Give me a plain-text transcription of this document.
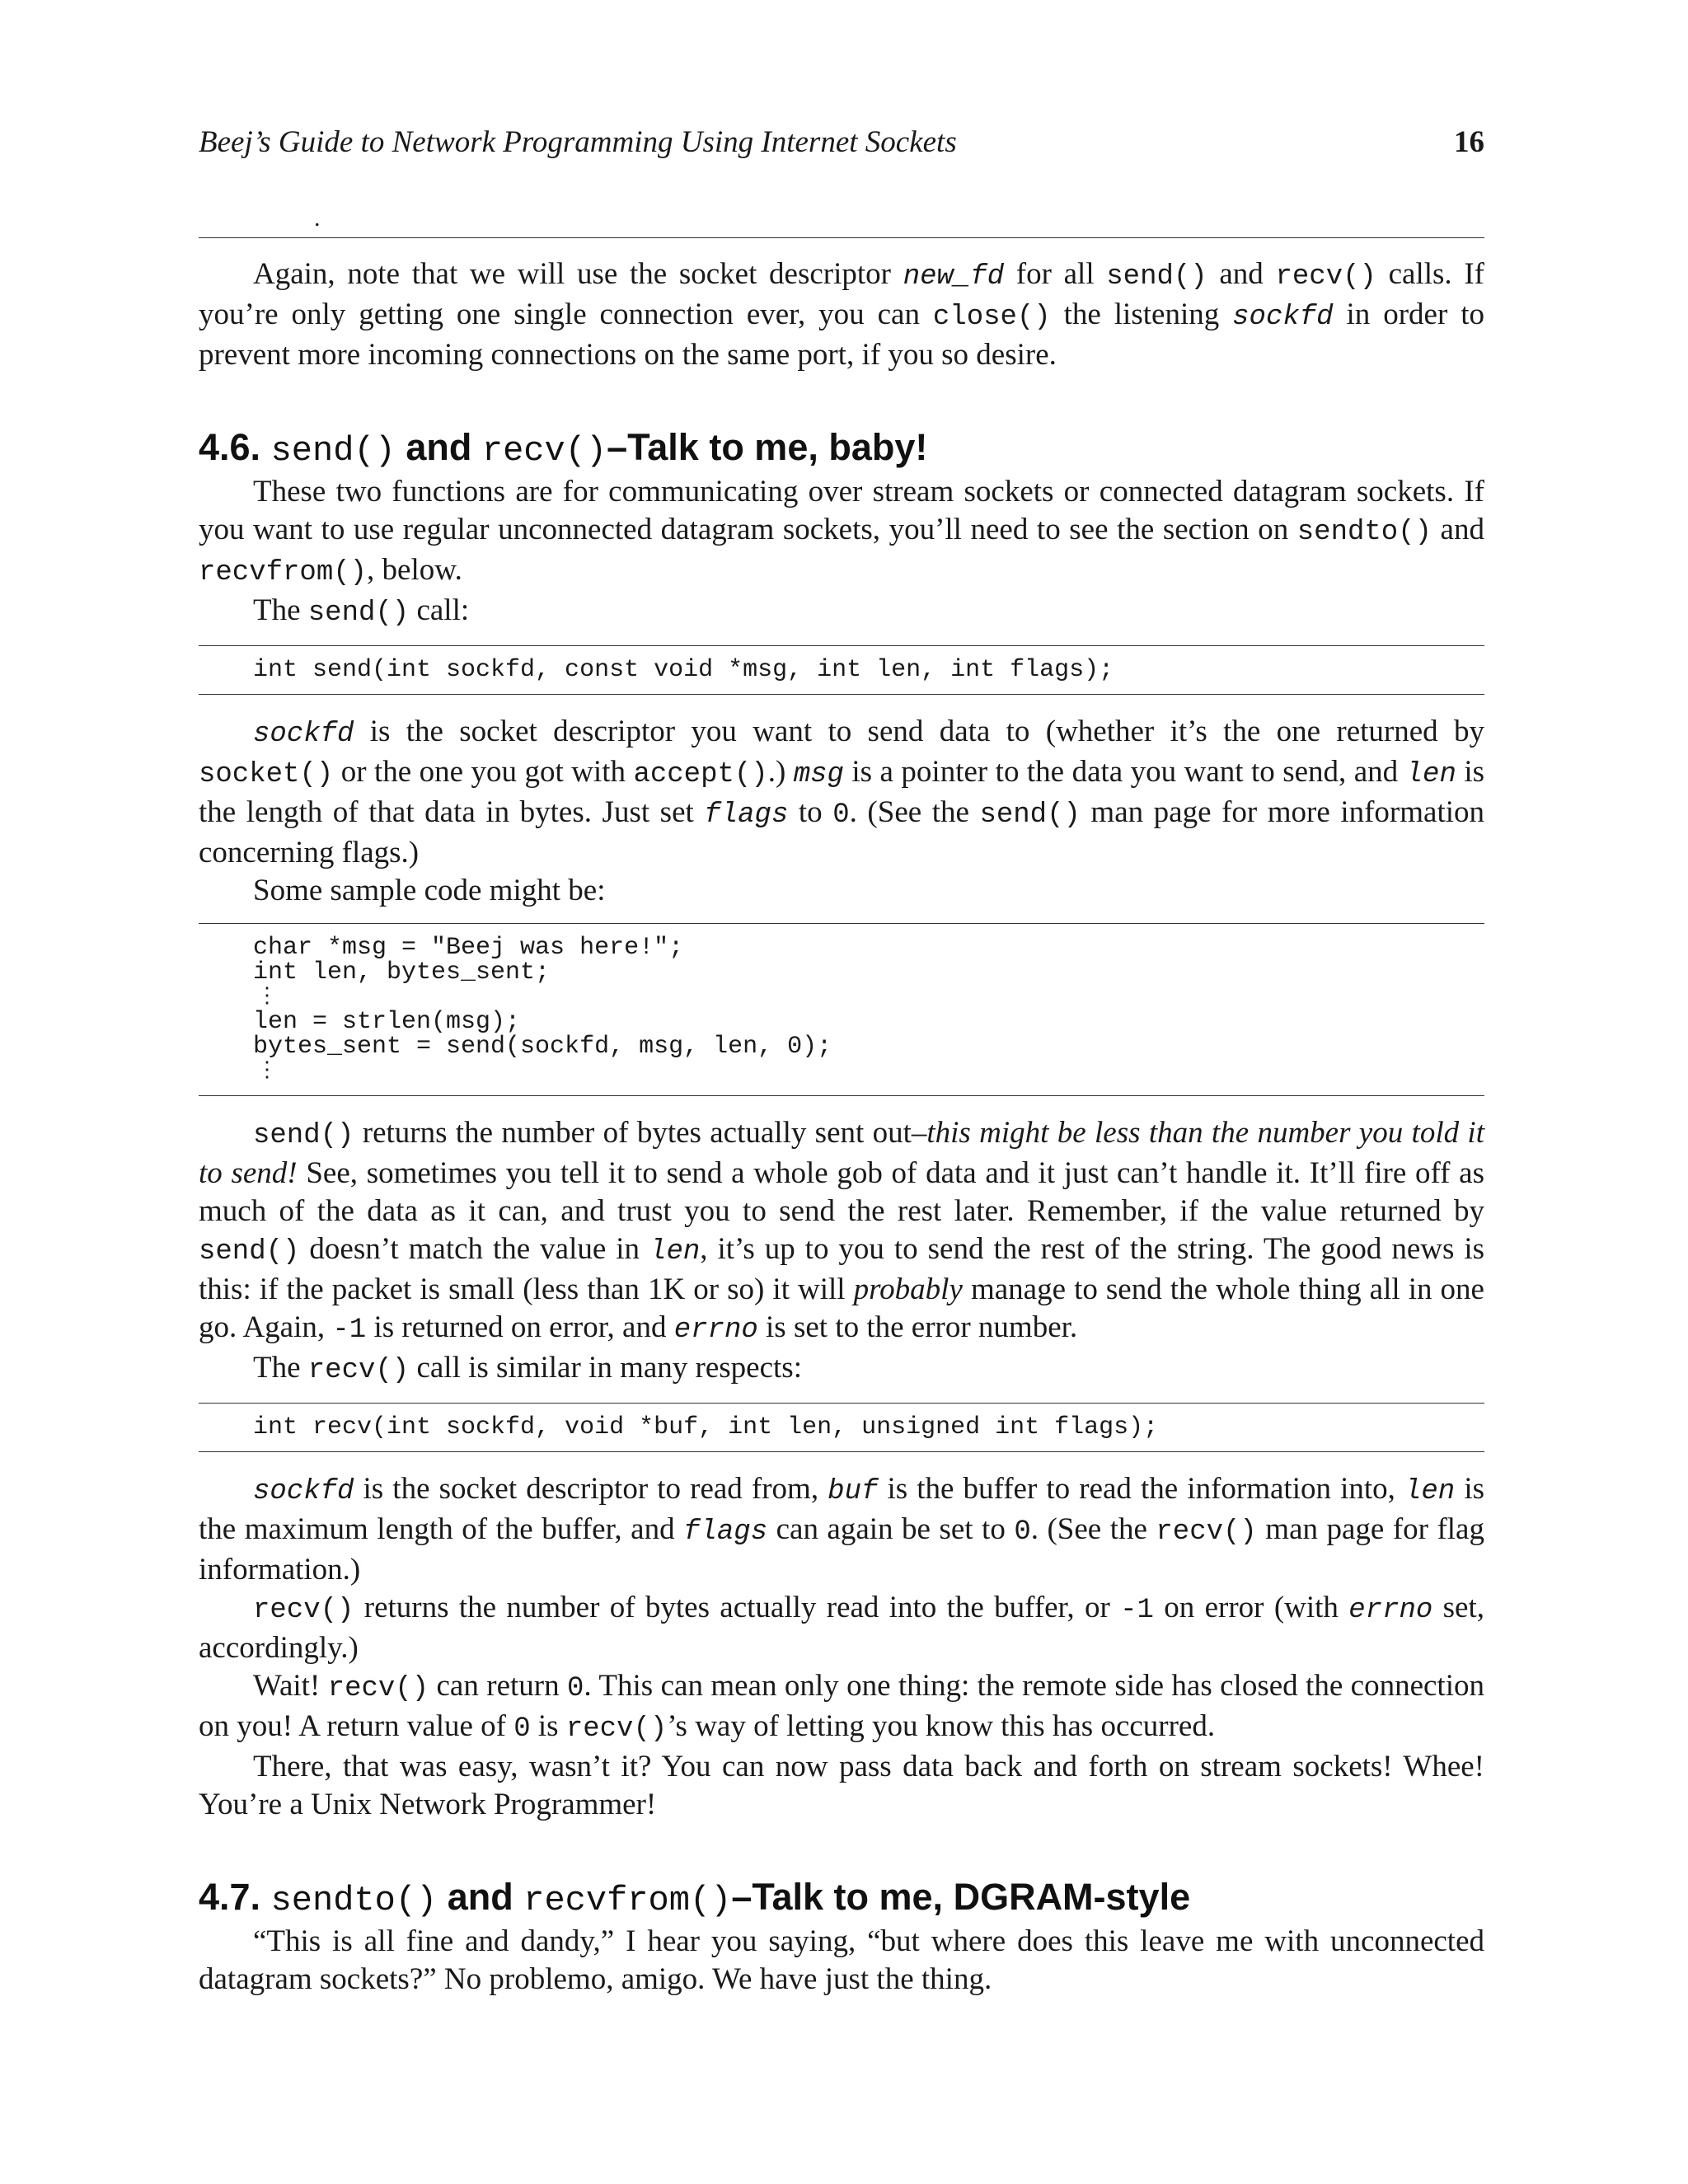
Beej’s Guide to Network Programming Using Internet Sockets	16
.

Again, note that we will use the socket descriptor new_fd for all send() and recv() calls. If you’re only getting one single connection ever, you can close() the listening sockfd in order to prevent more incoming connections on the same port, if you so desire.

4.6. send() and recv()–Talk to me, baby!

These two functions are for communicating over stream sockets or connected datagram sockets. If you want to use regular unconnected datagram sockets, you’ll need to see the section on sendto() and recvfrom(), below.

The send() call:

int send(int sockfd, const void *msg, int len, int flags);

sockfd is the socket descriptor you want to send data to (whether it’s the one returned by socket() or the one you got with accept().) msg is a pointer to the data you want to send, and len is the length of that data in bytes. Just set flags to 0. (See the send() man page for more information concerning flags.)

Some sample code might be:

char *msg = "Beej was here!";
int len, bytes_sent;
⋮
len = strlen(msg);
bytes_sent = send(sockfd, msg, len, 0);
⋮

send() returns the number of bytes actually sent out–this might be less than the number you told it to send! See, sometimes you tell it to send a whole gob of data and it just can’t handle it. It’ll fire off as much of the data as it can, and trust you to send the rest later. Remember, if the value returned by send() doesn’t match the value in len, it’s up to you to send the rest of the string. The good news is this: if the packet is small (less than 1K or so) it will probably manage to send the whole thing all in one go. Again, -1 is returned on error, and errno is set to the error number.

The recv() call is similar in many respects:

int recv(int sockfd, void *buf, int len, unsigned int flags);

sockfd is the socket descriptor to read from, buf is the buffer to read the information into, len is the maximum length of the buffer, and flags can again be set to 0. (See the recv() man page for flag information.)

recv() returns the number of bytes actually read into the buffer, or -1 on error (with errno set, accordingly.)

Wait! recv() can return 0. This can mean only one thing: the remote side has closed the connection on you! A return value of 0 is recv()’s way of letting you know this has occurred.

There, that was easy, wasn’t it? You can now pass data back and forth on stream sockets! Whee! You’re a Unix Network Programmer!

4.7. sendto() and recvfrom()–Talk to me, DGRAM-style

“This is all fine and dandy,” I hear you saying, “but where does this leave me with unconnected datagram sockets?” No problemo, amigo. We have just the thing.
